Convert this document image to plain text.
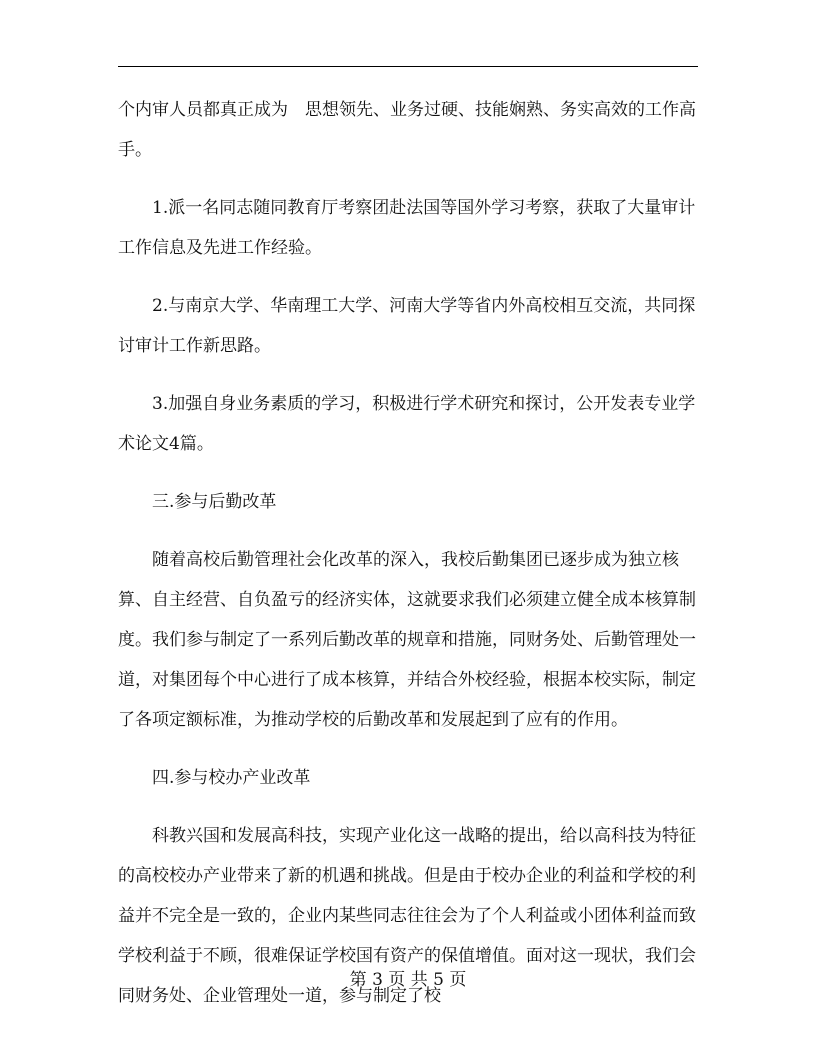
个内审人员都真正成为　思想领先、业务过硬、技能娴熟、务实高效的工作高手。

1.派一名同志随同教育厅考察团赴法国等国外学习考察，获取了大量审计工作信息及先进工作经验。

2.与南京大学、华南理工大学、河南大学等省内外高校相互交流，共同探讨审计工作新思路。

3.加强自身业务素质的学习，积极进行学术研究和探讨，公开发表专业学术论文4篇。

三.参与后勤改革

随着高校后勤管理社会化改革的深入，我校后勤集团已逐步成为独立核算、自主经营、自负盈亏的经济实体，这就要求我们必须建立健全成本核算制度。我们参与制定了一系列后勤改革的规章和措施，同财务处、后勤管理处一道，对集团每个中心进行了成本核算，并结合外校经验，根据本校实际，制定了各项定额标准，为推动学校的后勤改革和发展起到了应有的作用。

四.参与校办产业改革

科教兴国和发展高科技，实现产业化这一战略的提出，给以高科技为特征的高校校办产业带来了新的机遇和挑战。但是由于校办企业的利益和学校的利益并不完全是一致的，企业内某些同志往往会为了个人利益或小团体利益而致学校利益于不顾，很难保证学校国有资产的保值增值。面对这一现状，我们会同财务处、企业管理处一道，参与制定了校

第 3 页 共 5 页
